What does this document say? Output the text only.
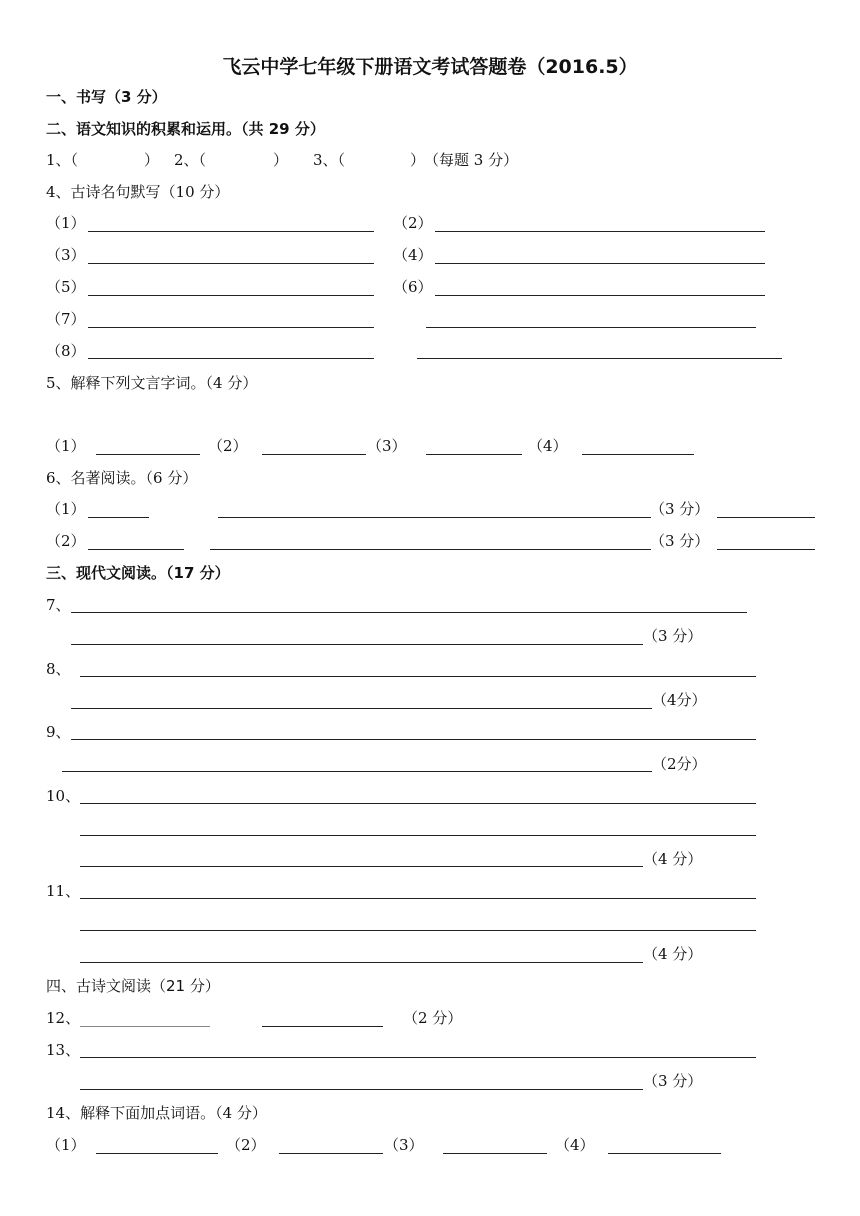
飞云中学七年级下册语文考试答题卷（2016.5）
一、书写（3 分）
二、语文知识的积累和运用。（共 29 分）
1、（	） 2、（	） 3、（	）
（每题 3 分）
4、古诗名句默写（10 分）
（1）	（2）
（3）	（4）
（5）	（6）
（7）
（8）
5、解释下列文言字词。（4 分）
（1）	（2）	（3）	（4）
6、名著阅读。（6 分）
（1）	（3 分）
（2）	（3 分）
三、现代文阅读。（17 分）
7、
（3 分）
8、
（4分）
9、
（2分）
10、
（4 分）
11、
（4 分）
四、古诗文阅读（21 分）
12、	（2 分）
13、
（3 分）
14、解释下面加点词语。（4 分）
（1）	（2）	（3）	（4）
